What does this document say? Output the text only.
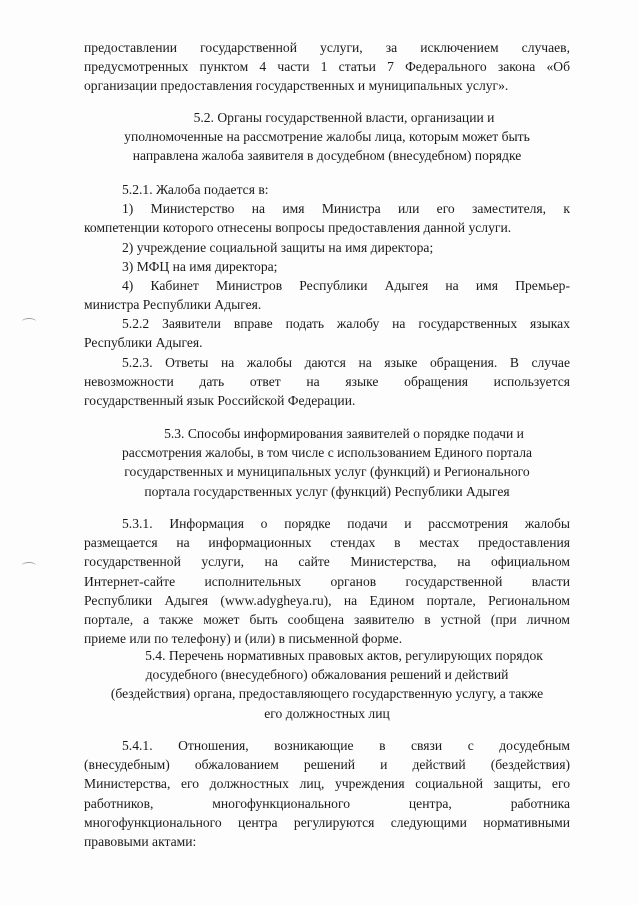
предоставлении государственной услуги, за исключением случаев,
предусмотренных пунктом 4 части 1 статьи 7 Федерального закона «Об
организации предоставления государственных и муниципальных услуг».
5.2. Органы государственной власти, организации и
уполномоченные на рассмотрение жалобы лица, которым может быть
направлена жалоба заявителя в досудебном (внесудебном) порядке
5.2.1. Жалоба подается в:
1) Министерство на имя Министра или его заместителя, к
компетенции которого отнесены вопросы предоставления данной услуги.
2) учреждение социальной защиты на имя директора;
3) МФЦ на имя директора;
4) Кабинет Министров Республики Адыгея на имя Премьер-
министра Республики Адыгея.
5.2.2 Заявители вправе подать жалобу на государственных языках
Республики Адыгея.
5.2.3. Ответы на жалобы даются на языке обращения. В случае
невозможности дать ответ на языке обращения используется
государственный язык Российской Федерации.
5.3. Способы информирования заявителей о порядке подачи и
рассмотрения жалобы, в том числе с использованием Единого портала
государственных и муниципальных услуг (функций) и Регионального
портала государственных услуг (функций) Республики Адыгея
5.3.1. Информация о порядке подачи и рассмотрения жалобы
размещается на информационных стендах в местах предоставления
государственной услуги, на сайте Министерства, на официальном
Интернет-сайте исполнительных органов государственной власти
Республики Адыгея (www.adygheya.ru), на Едином портале, Региональном
портале, а также может быть сообщена заявителю в устной (при личном
приеме или по телефону) и (или) в письменной форме.
5.4. Перечень нормативных правовых актов, регулирующих порядок
досудебного (внесудебного) обжалования решений и действий
(бездействия) органа, предоставляющего государственную услугу, а также
его должностных лиц
5.4.1. Отношения, возникающие в связи с досудебным
(внесудебным) обжалованием решений и действий (бездействия)
Министерства, его должностных лиц, учреждения социальной защиты, его
работников, многофункционального центра, работника
многофункционального центра регулируются следующими нормативными
правовыми актами:
